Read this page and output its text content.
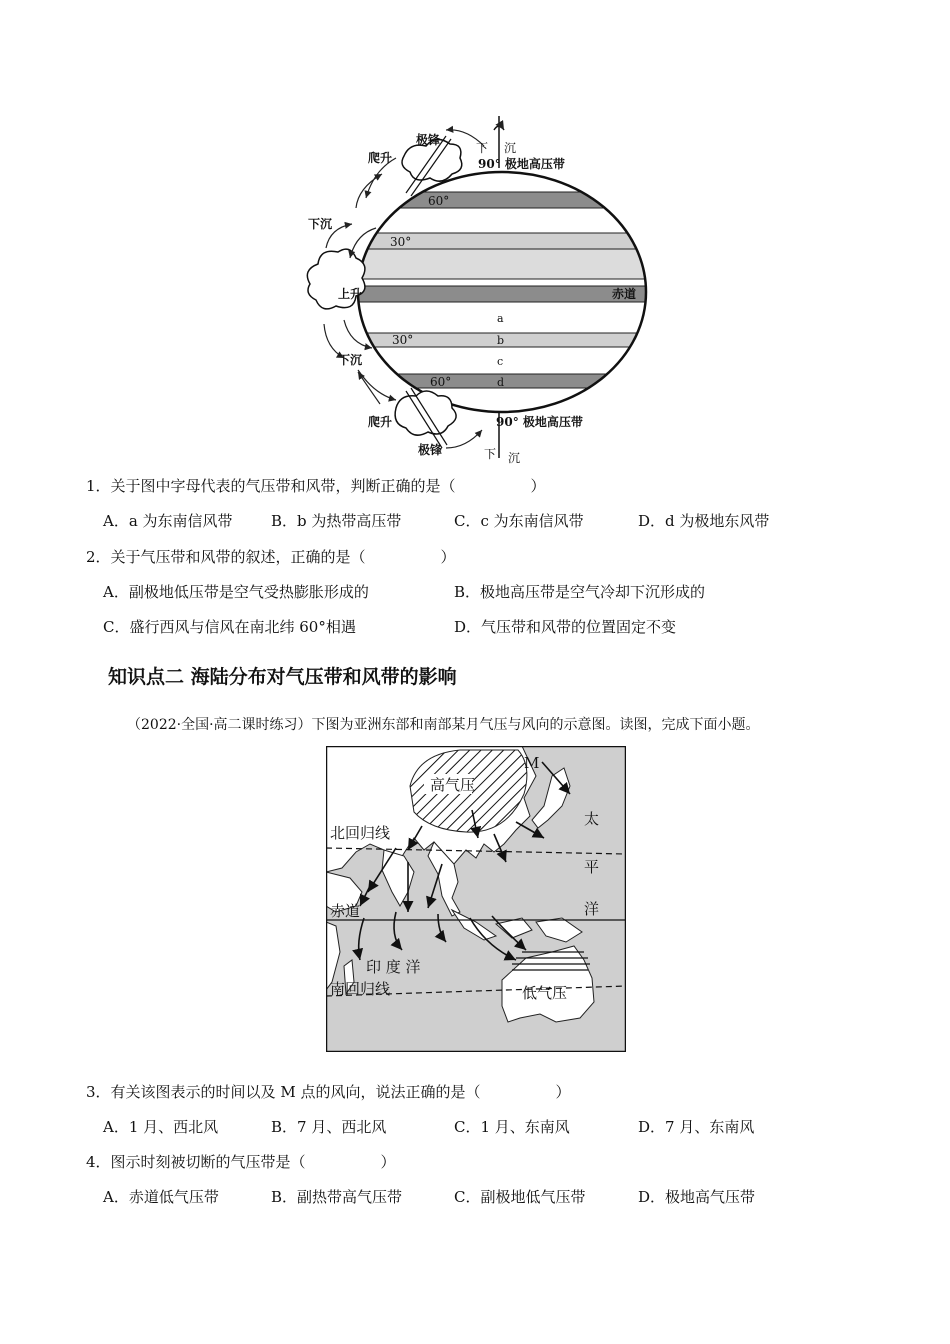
下 沉
90° 极地高压带
极锋
爬升
60°
下沉
30°
上升	赤道
a
30°	b
c
下沉
60°	d
爬升	90° 极地高压带
极锋	下 沉
1．关于图中字母代表的气压带和风带，判断正确的是（　　　　　）
A．a 为东南信风带	B．b 为热带高压带	C．c 为东南信风带	D．d 为极地东风带
2．关于气压带和风带的叙述，正确的是（　　　　　）
A．副极地低压带是空气受热膨胀形成的	B．极地高压带是空气冷却下沉形成的
C．盛行西风与信风在南北纬 60°相遇	D．气压带和风带的位置固定不变
知识点二 海陆分布对气压带和风带的影响
（2022·全国·高二课时练习）下图为亚洲东部和南部某月气压与风向的示意图。读图，完成下面小题。
高气压
M
太
平
洋
北回归线
赤道
印 度 洋
南回归线	低气压
3．有关该图表示的时间以及 M 点的风向，说法正确的是（　　　　　）
A．1 月、西北风	B．7 月、西北风	C．1 月、东南风	D．7 月、东南风
4．图示时刻被切断的气压带是（　　　　　）
A．赤道低气压带	B．副热带高气压带	C．副极地低气压带	D．极地高气压带
